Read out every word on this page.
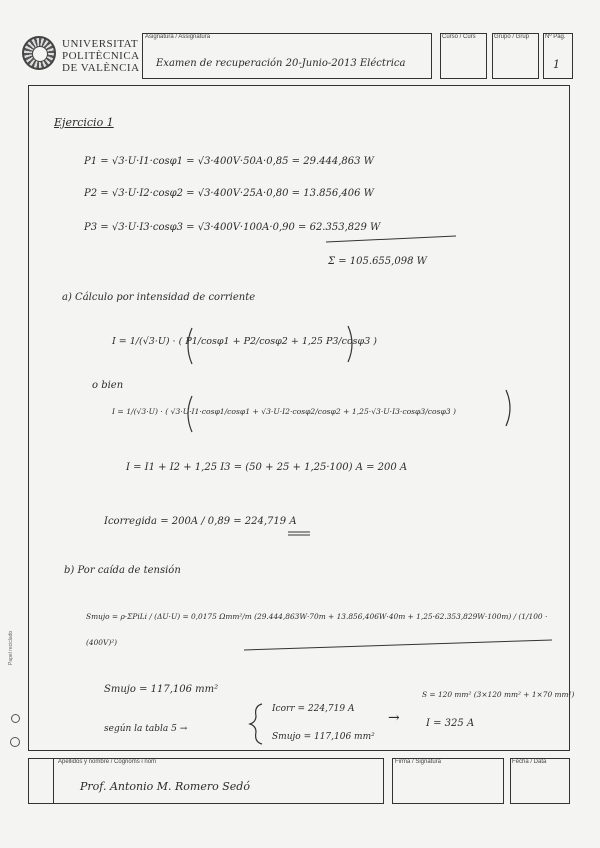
UNIVERSITAT
POLITÈCNICA
DE VALÈNCIA
Asignatura / Assignatura
Examen de recuperación 20-Junio-2013 Eléctrica
Curso / Curs	Grupo / Grup	Nº Pág.
1
Ejercicio 1
P1 = √3·U·I1·cosφ1 = √3·400V·50A·0,85 = 29.444,863 W
P2 = √3·U·I2·cosφ2 = √3·400V·25A·0,80 = 13.856,406 W
P3 = √3·U·I3·cosφ3 = √3·400V·100A·0,90 = 62.353,829 W
Σ = 105.655,098 W
a) Cálculo por intensidad de corriente
I = 1/(√3·U) · ( P1/cosφ1 + P2/cosφ2 + 1,25 P3/cosφ3 )
o bien
I = 1/(√3·U) · ( √3·U·I1·cosφ1/cosφ1 + √3·U·I2·cosφ2/cosφ2 + 1,25·√3·U·I3·cosφ3/cosφ3 )
I = I1 + I2 + 1,25 I3 = (50 + 25 + 1,25·100) A = 200 A
Icorregida = 200A / 0,89 = 224,719 A
b) Por caída de tensión
Smujo = ρ·ΣPiLi / (ΔU·U) = 0,0175 Ωmm²/m (29.444,863W·70m + 13.856,406W·40m + 1,25·62.353,829W·100m) / (1/100 · (400V)²)
Smujo = 117,106 mm²
según la tabla 5 →
Icorr = 224,719 A
Smujo = 117,106 mm²
→
S = 120 mm² (3×120 mm² + 1×70 mm²)
I = 325 A
Apellidos y nombre / Cognoms i nom
Prof. Antonio M. Romero Sedó
Firma / Signatura	Fecha / Data
Papel reciclado
